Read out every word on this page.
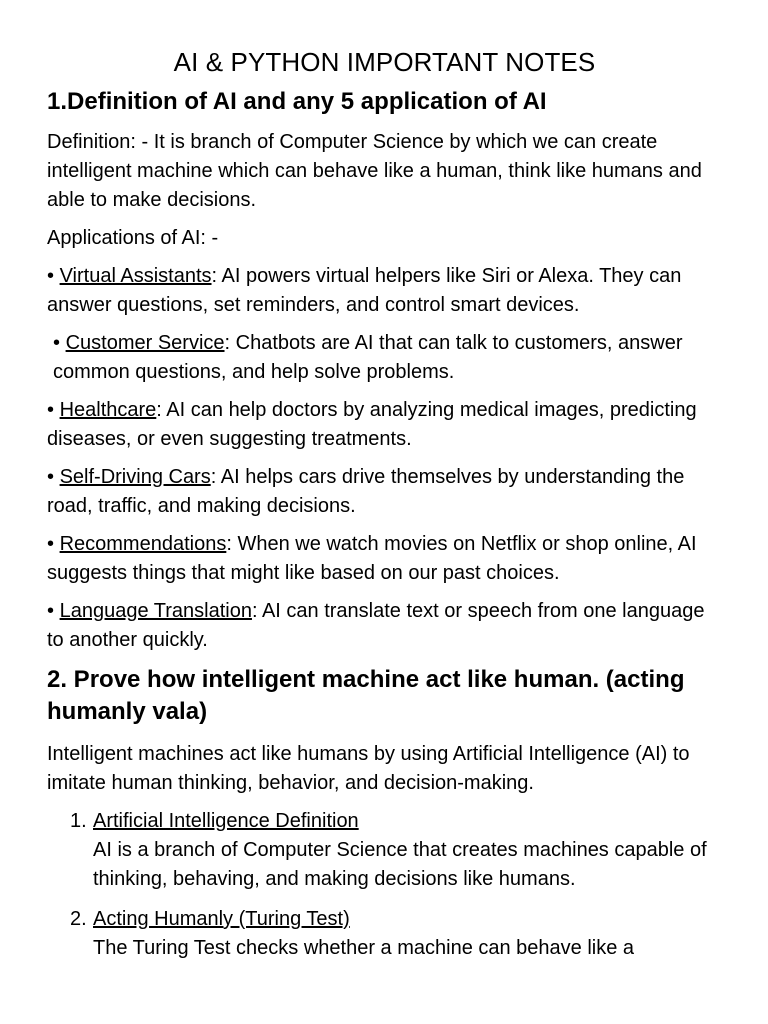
AI & PYTHON IMPORTANT NOTES
1.Definition of AI and any 5 application of AI

Definition: - It is branch of Computer Science by which we can create intelligent machine which can behave like a human, think like humans and able to make decisions.

Applications of AI: -

• Virtual Assistants: AI powers virtual helpers like Siri or Alexa. They can answer questions, set reminders, and control smart devices.

• Customer Service: Chatbots are AI that can talk to customers, answer common questions, and help solve problems.

• Healthcare: AI can help doctors by analyzing medical images, predicting diseases, or even suggesting treatments.

• Self-Driving Cars: AI helps cars drive themselves by understanding the road, traffic, and making decisions.

• Recommendations: When we watch movies on Netflix or shop online, AI suggests things that might like based on our past choices.

• Language Translation: AI can translate text or speech from one language to another quickly.

2. Prove how intelligent machine act like human. (acting humanly vala)

Intelligent machines act like humans by using Artificial Intelligence (AI) to imitate human thinking, behavior, and decision-making.

1. Artificial Intelligence Definition
AI is a branch of Computer Science that creates machines capable of thinking, behaving, and making decisions like humans.
2. Acting Humanly (Turing Test)
The Turing Test checks whether a machine can behave like a
